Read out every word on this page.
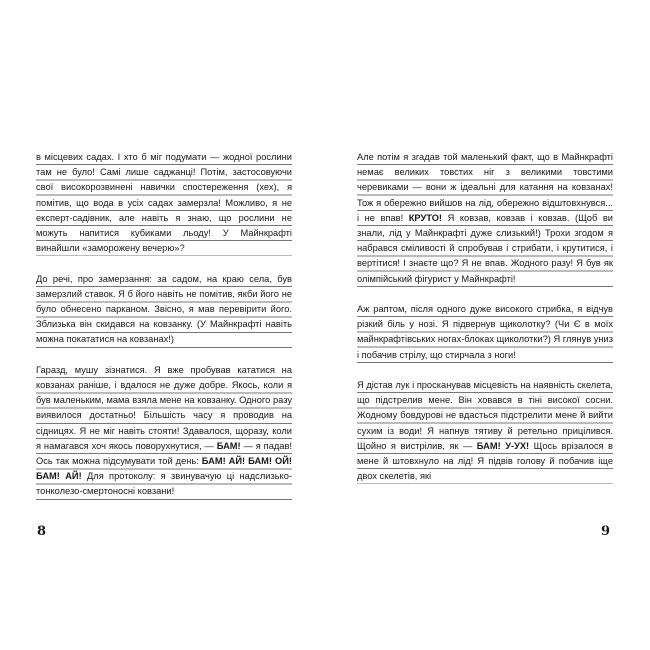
в місцевих садах. І хто б міг подумати — жодної рослини там не було! Самі лише саджанці! Потім, застосовуючи свої високорозвинені навички спостереження (хех), я помітив, що вода в усіх садах замерзла! Можливо, я не експерт-садівник, але навіть я знаю, що рослини не можуть напитися кубиками льоду! У Майнкрафті винайшли «заморожену вечерю»?

До речі, про замерзання: за садом, на краю села, був замерзлий ставок. Я б його навіть не помітив, якби його не було обнесено парканом. Звісно, я мав перевірити його. Зблизька він скидався на ковзанку. (У Майнкрафті навіть можна покататися на ковзанах!)

Гаразд, мушу зізнатися. Я вже пробував кататися на ковзанах раніше, і вдалося не дуже добре. Якось, коли я був маленьким, мама взяла мене на ковзанку. Одного разу виявилося достатньо! Більшість часу я проводив на сідницях. Я не міг навіть стояти! Здавалося, щоразу, коли я намагався хоч якось поворухнутися, — БАМ! — я падав! Ось так можна підсумувати той день: БАМ! АЙ! БАМ! ОЙ! БАМ! АЙ! Для протоколу: я звинувачую ці надслизько-тонколезо-смертоносні ковзани!

Але потім я згадав той маленький факт, що в Майнкрафті немає великих товстих ніг з великими товстими черевиками — вони ж ідеальні для катання на ковзанах! Тож я обережно вийшов на лід, обережно відштовхнувся... і не впав! КРУТО! Я ковзав, ковзав і ковзав. (Щоб ви знали, лід у Майнкрафті дуже слизький!) Трохи згодом я набрався сміливості й спробував і стрибати, і крутитися, і вертітися! І знаєте що? Я не впав. Жодного разу! Я був як олімпійський фігурист у Майнкрафті!

Аж раптом, після одного дуже високого стрибка, я відчув різкий біль у нозі. Я підвернув щиколотку? (Чи Є в моїх майнкрафтівських ногах-блоках щиколотки?) Я глянув униз і побачив стрілу, що стирчала з ноги!

Я дістав лук і просканував місцевість на наявність скелета, що підстрелив мене. Він ховався в тіні високої сосни. Жодному бовдурові не вдасться підстрелити мене й вийти сухим із води! Я напнув тятиву й ретельно прицілився. Щойно я вистрілив, як — БАМ! У-УХ! Щось врізалося в мене й штовхнуло на лід! Я підвів голову й побачив іще двох скелетів, які

8	9
